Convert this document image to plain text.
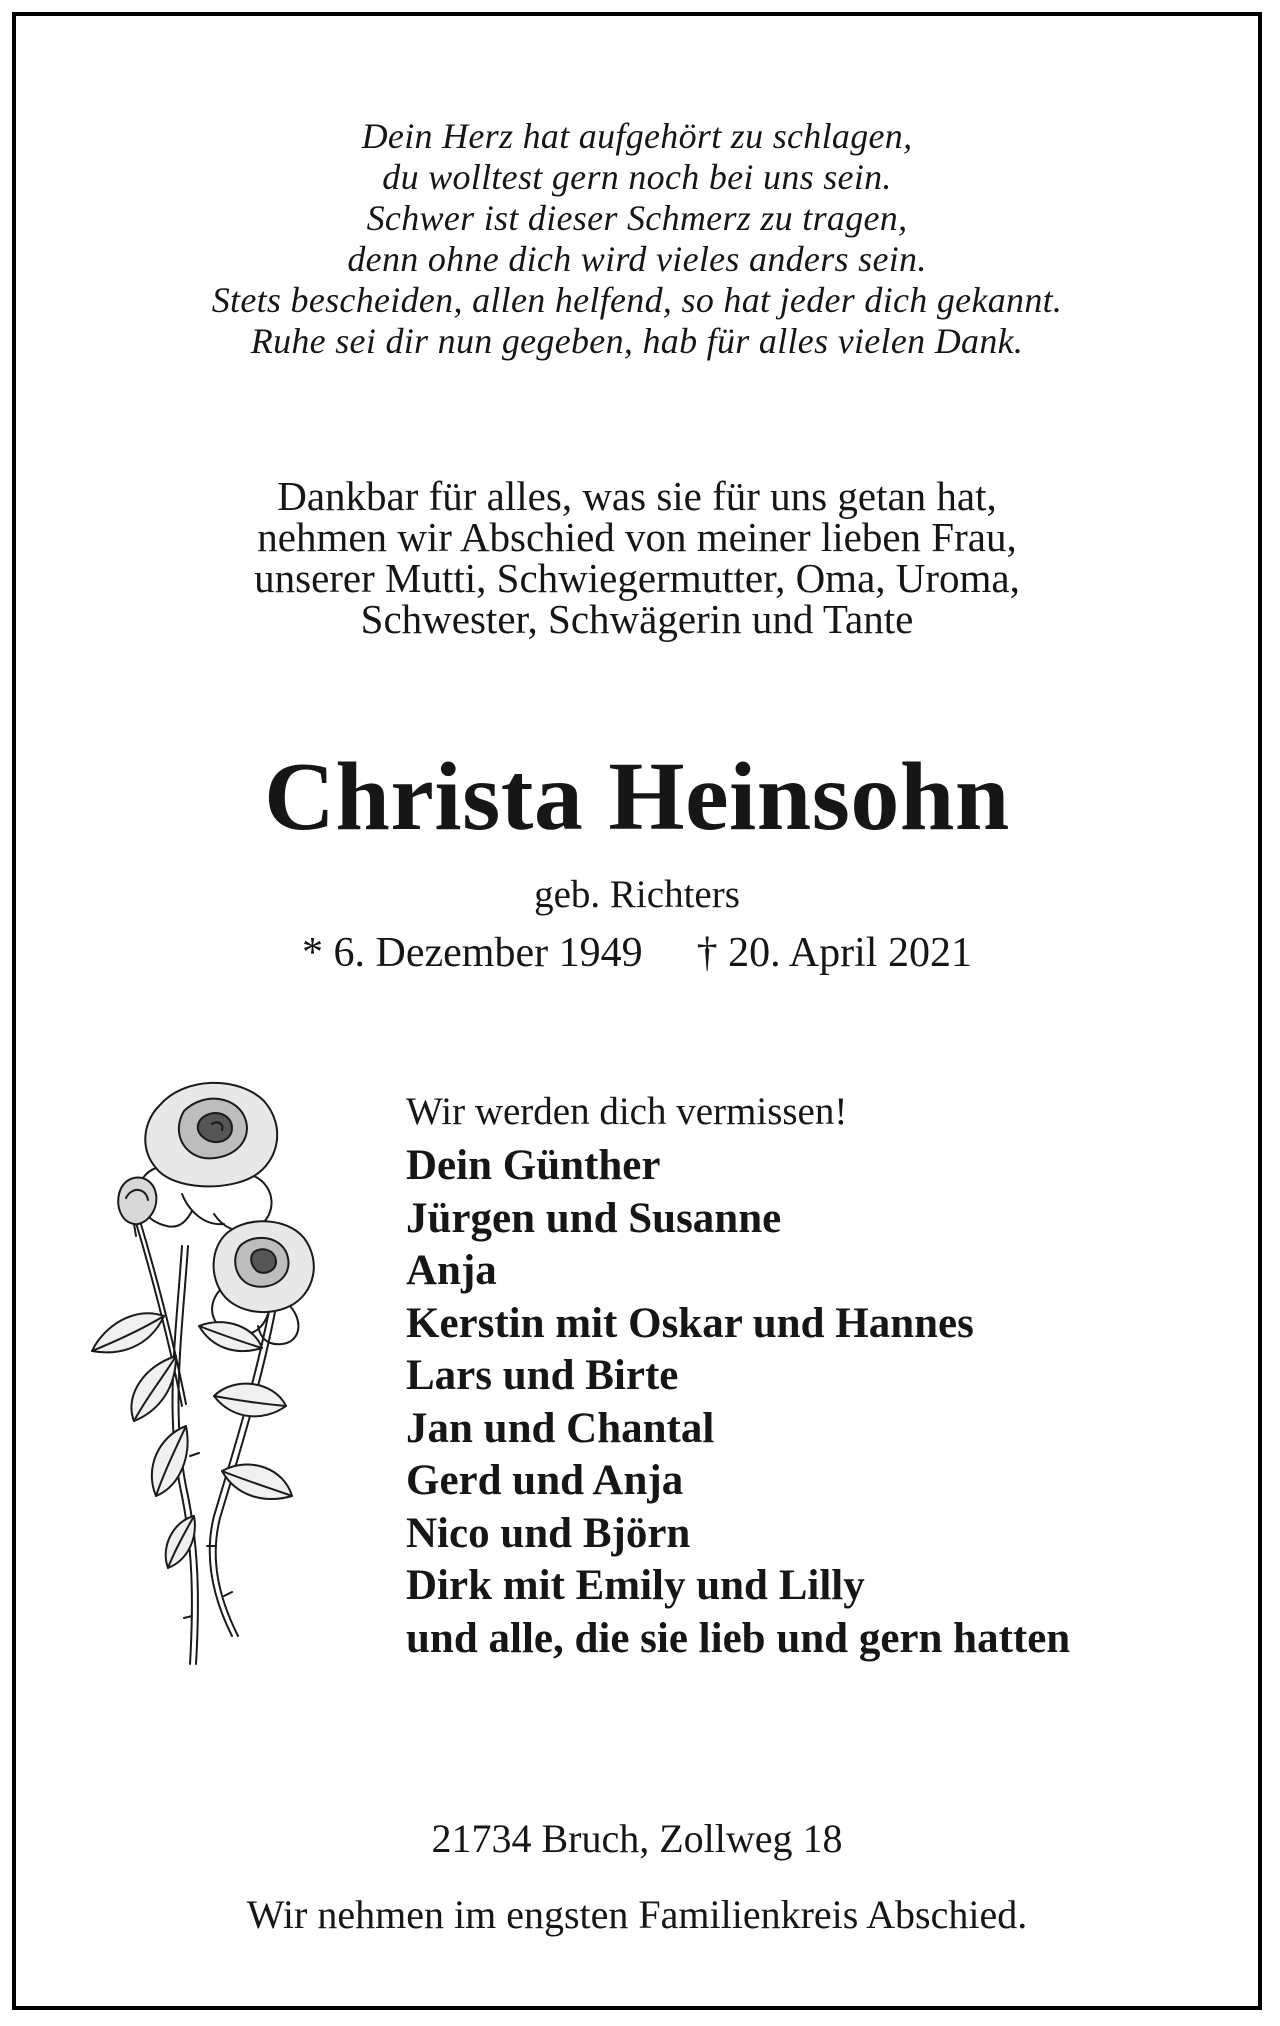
Dein Herz hat aufgehört zu schlagen,
du wolltest gern noch bei uns sein.
Schwer ist dieser Schmerz zu tragen,
denn ohne dich wird vieles anders sein.
Stets bescheiden, allen helfend, so hat jeder dich gekannt.
Ruhe sei dir nun gegeben, hab für alles vielen Dank.
Dankbar für alles, was sie für uns getan hat,
nehmen wir Abschied von meiner lieben Frau,
unserer Mutti, Schwiegermutter, Oma, Uroma,
Schwester, Schwägerin und Tante
Christa Heinsohn
geb. Richters
* 6. Dezember 1949 † 20. April 2021
Wir werden dich vermissen!
Dein Günther
Jürgen und Susanne
Anja
Kerstin mit Oskar und Hannes
Lars und Birte
Jan und Chantal
Gerd und Anja
Nico und Björn
Dirk mit Emily und Lilly
und alle, die sie lieb und gern hatten
21734 Bruch, Zollweg 18
Wir nehmen im engsten Familienkreis Abschied.
